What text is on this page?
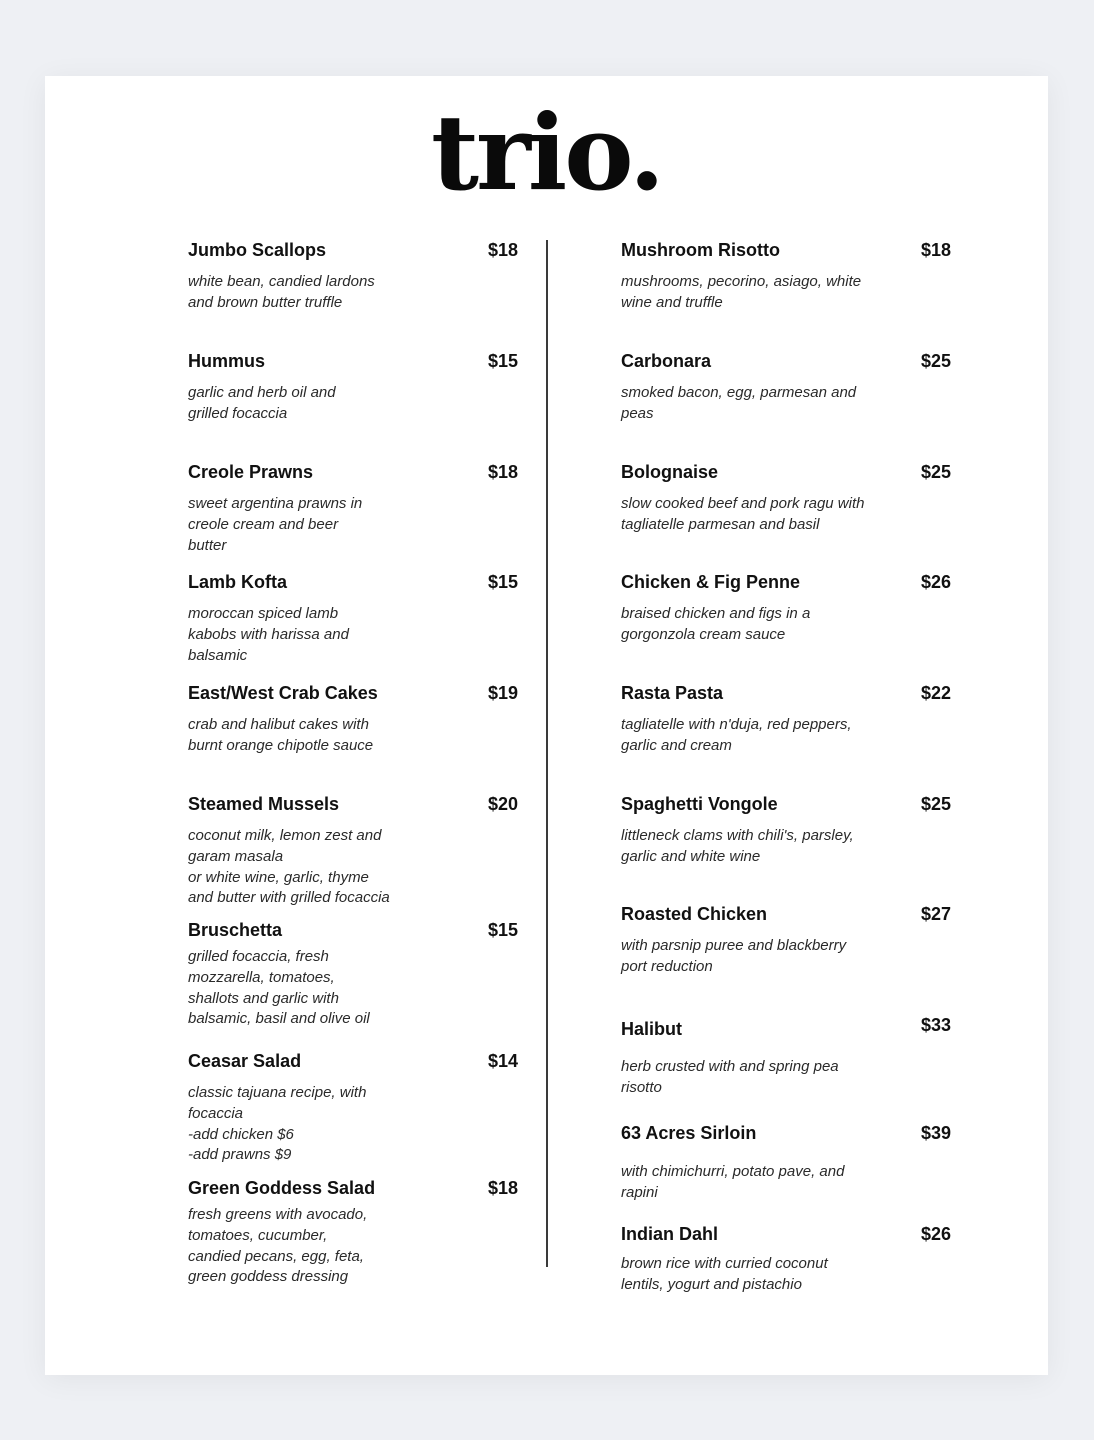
trio.
Jumbo Scallops	$18
white bean, candied lardons
and brown butter truffle
Hummus	$15
garlic and herb oil and
grilled focaccia
Creole Prawns	$18
sweet argentina prawns in
creole cream and beer
butter
Lamb Kofta	$15
moroccan spiced lamb
kabobs with harissa and
balsamic
East/West Crab Cakes	$19
crab and halibut cakes with
burnt orange chipotle sauce
Steamed Mussels	$20
coconut milk, lemon zest and
garam masala
or white wine, garlic, thyme
and butter with grilled focaccia
Bruschetta	$15
grilled focaccia, fresh
mozzarella, tomatoes,
shallots and garlic with
balsamic, basil and olive oil
Ceasar Salad	$14
classic tajuana recipe, with
focaccia
-add chicken $6
-add prawns $9
Green Goddess Salad	$18
fresh greens with avocado,
tomatoes, cucumber,
candied pecans, egg, feta,
green goddess dressing
Mushroom Risotto	$18
mushrooms, pecorino, asiago, white
wine and truffle
Carbonara	$25
smoked bacon, egg, parmesan and
peas
Bolognaise	$25
slow cooked beef and pork ragu with
tagliatelle parmesan and basil
Chicken & Fig Penne	$26
braised chicken and figs in a
gorgonzola cream sauce
Rasta Pasta	$22
tagliatelle with n'duja, red peppers,
garlic and cream
Spaghetti Vongole	$25
littleneck clams with chili's, parsley,
garlic and white wine
Roasted Chicken	$27
with parsnip puree and blackberry
port reduction
Halibut	$33
herb crusted with and spring pea
risotto
63 Acres Sirloin	$39
with chimichurri, potato pave, and
rapini
Indian Dahl	$26
brown rice with curried coconut
lentils, yogurt and pistachio
